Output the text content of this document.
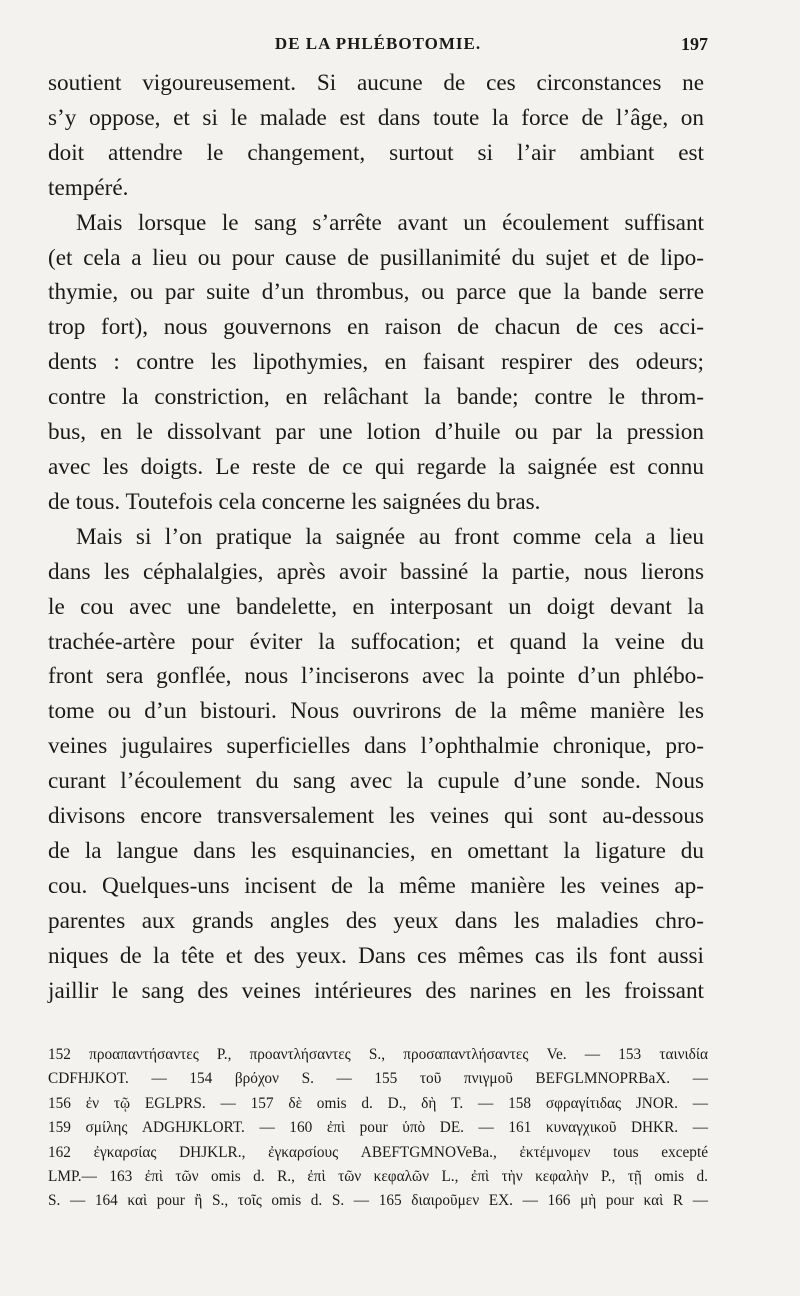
DE LA PHLÉBOTOMIE.	197

soutient vigoureusement. Si aucune de ces circonstances ne

s’y oppose, et si le malade est dans toute la force de l’âge, on

doit attendre le changement, surtout si l’air ambiant est

tempéré.

Mais lorsque le sang s’arrête avant un écoulement suffisant

(et cela a lieu ou pour cause de pusillanimité du sujet et de lipo-

thymie, ou par suite d’un thrombus, ou parce que la bande serre

trop fort), nous gouvernons en raison de chacun de ces acci-

dents : contre les lipothymies, en faisant respirer des odeurs;

contre la constriction, en relâchant la bande; contre le throm-

bus, en le dissolvant par une lotion d’huile ou par la pression

avec les doigts. Le reste de ce qui regarde la saignée est connu

de tous. Toutefois cela concerne les saignées du bras.

Mais si l’on pratique la saignée au front comme cela a lieu

dans les céphalalgies, après avoir bassiné la partie, nous lierons

le cou avec une bandelette, en interposant un doigt devant la

trachée-artère pour éviter la suffocation; et quand la veine du

front sera gonflée, nous l’inciserons avec la pointe d’un phlébo-

tome ou d’un bistouri. Nous ouvrirons de la même manière les

veines jugulaires superficielles dans l’ophthalmie chronique, pro-

curant l’écoulement du sang avec la cupule d’une sonde. Nous

divisons encore transversalement les veines qui sont au-dessous

de la langue dans les esquinancies, en omettant la ligature du

cou. Quelques-uns incisent de la même manière les veines ap-

parentes aux grands angles des yeux dans les maladies chro-

niques de la tête et des yeux. Dans ces mêmes cas ils font aussi

jaillir le sang des veines intérieures des narines en les froissant

152 προαπαντήσαντες P., προαντλήσαντες S., προσαπαντλήσαντες Ve. — 153 ταινιδία

CDFHJKOT. — 154 βρόχον S. — 155 τοῦ πνιγμοῦ BEFGLMNOPRBaX. —

156 ἐν τῷ EGLPRS. — 157 δὲ omis d. D., δὴ T. — 158 σφραγίτιδας JNOR. —

159 σμίλης ADGHJKLORT. — 160 ἐπὶ pour ὑπὸ DE. — 161 κυναγχικοῦ DHKR. —

162 ἐγκαρσίας DHJKLR., ἐγκαρσίους ABEFTGMNOVeBa., ἐκτέμνομεν tous excepté

LMP.— 163 ἐπὶ τῶν omis d. R., ἐπὶ τῶν κεφαλῶν L., ἐπὶ τὴν κεφαλὴν P., τῇ omis d.

S. — 164 καὶ pour ἢ S., τοῖς omis d. S. — 165 διαιροῦμεν EX. — 166 μὴ pour καὶ R —
